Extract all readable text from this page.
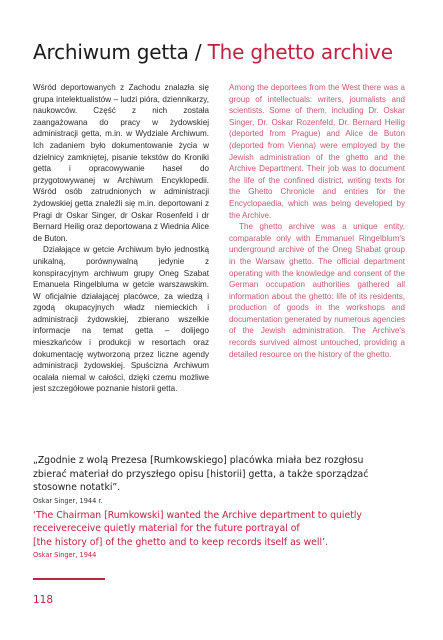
Archiwum getta / The ghetto archive

Wśród deportowanych z Zachodu znalazła się grupa intelektualistów – ludzi pióra, dziennikarzy, naukowców. Część z nich została zaangażowana do pracy w żydowskiej administracji getta, m.in. w Wydziale Archiwum. Ich zadaniem było dokumentowanie życia w dzielnicy zamkniętej, pisanie tekstów do Kroniki getta i opracowywanie haseł do przygotowywanej w Archiwum Encyklopedii. Wśród osób zatrudnionych w administracji żydowskiej getta znaleźli się m.in. deportowani z Pragi dr Oskar Singer, dr Oskar Rosenfeld i dr Bernard Heilig oraz deportowana z Wiednia Alice de Buton.

Działające w getcie Archiwum było jednostką unikalną, porównywalną jedynie z konspiracyjnym archiwum grupy Oneg Szabat Emanuela Ringelbluma w getcie warszawskim. W oficjalnie działającej placówce, za wiedzą i zgodą okupacyjnych władz niemieckich i administracji żydowskiej, zbierano wszelkie informacje na temat getta – dolijego mieszkańców i produkcji w resortach oraz dokumentację wytworzoną przez liczne agendy administracji żydowskiej. Spuścizna Archiwum ocalała niemal w całości, dzięki czemu możliwe jest szczegółowe poznanie historii getta.

Among the deportees from the West there was a group of intellectuals: writers, journalists and scientists. Some of them, including Dr. Oskar Singer, Dr. Oskar Rozenfeld, Dr. Bernard Heilig (deported from Prague) and Alice de Buton (deported from Vienna) were employed by the Jewish administration of the ghetto and the Archive Department. Their job was to document the life of the confined district, writing texts for the Ghetto Chronicle and entries for the Encyclopaedia, which was being developed by the Archive.

The ghetto archive was a unique entity, comparable only with Emmanuel Ringelblum's underground archive of the Oneg Shabat group in the Warsaw ghetto. The official department operating with the knowledge and consent of the German occupation authorities gathered all information about the ghetto: life of its residents, production of goods in the workshops and documentation generated by numerous agencies of the Jewish administration. The Archive's records survived almost untouched, providing a detailed resource on the history of the ghetto.

„Zgodnie z wolą Prezesa [Rumkowskiego] placówka miała bez rozgłosu
zbierać materiał do przyszłego opisu [historii] getta, a także sporządzać
stosowne notatki”.
Oskar Singer, 1944 r.
‘The Chairman [Rumkowski] wanted the Archive department to quietly
receivereceive quietly material for the future portrayal of
[the history of] of the ghetto and to keep records itself as well’.
Oskar Singer, 1944
118
